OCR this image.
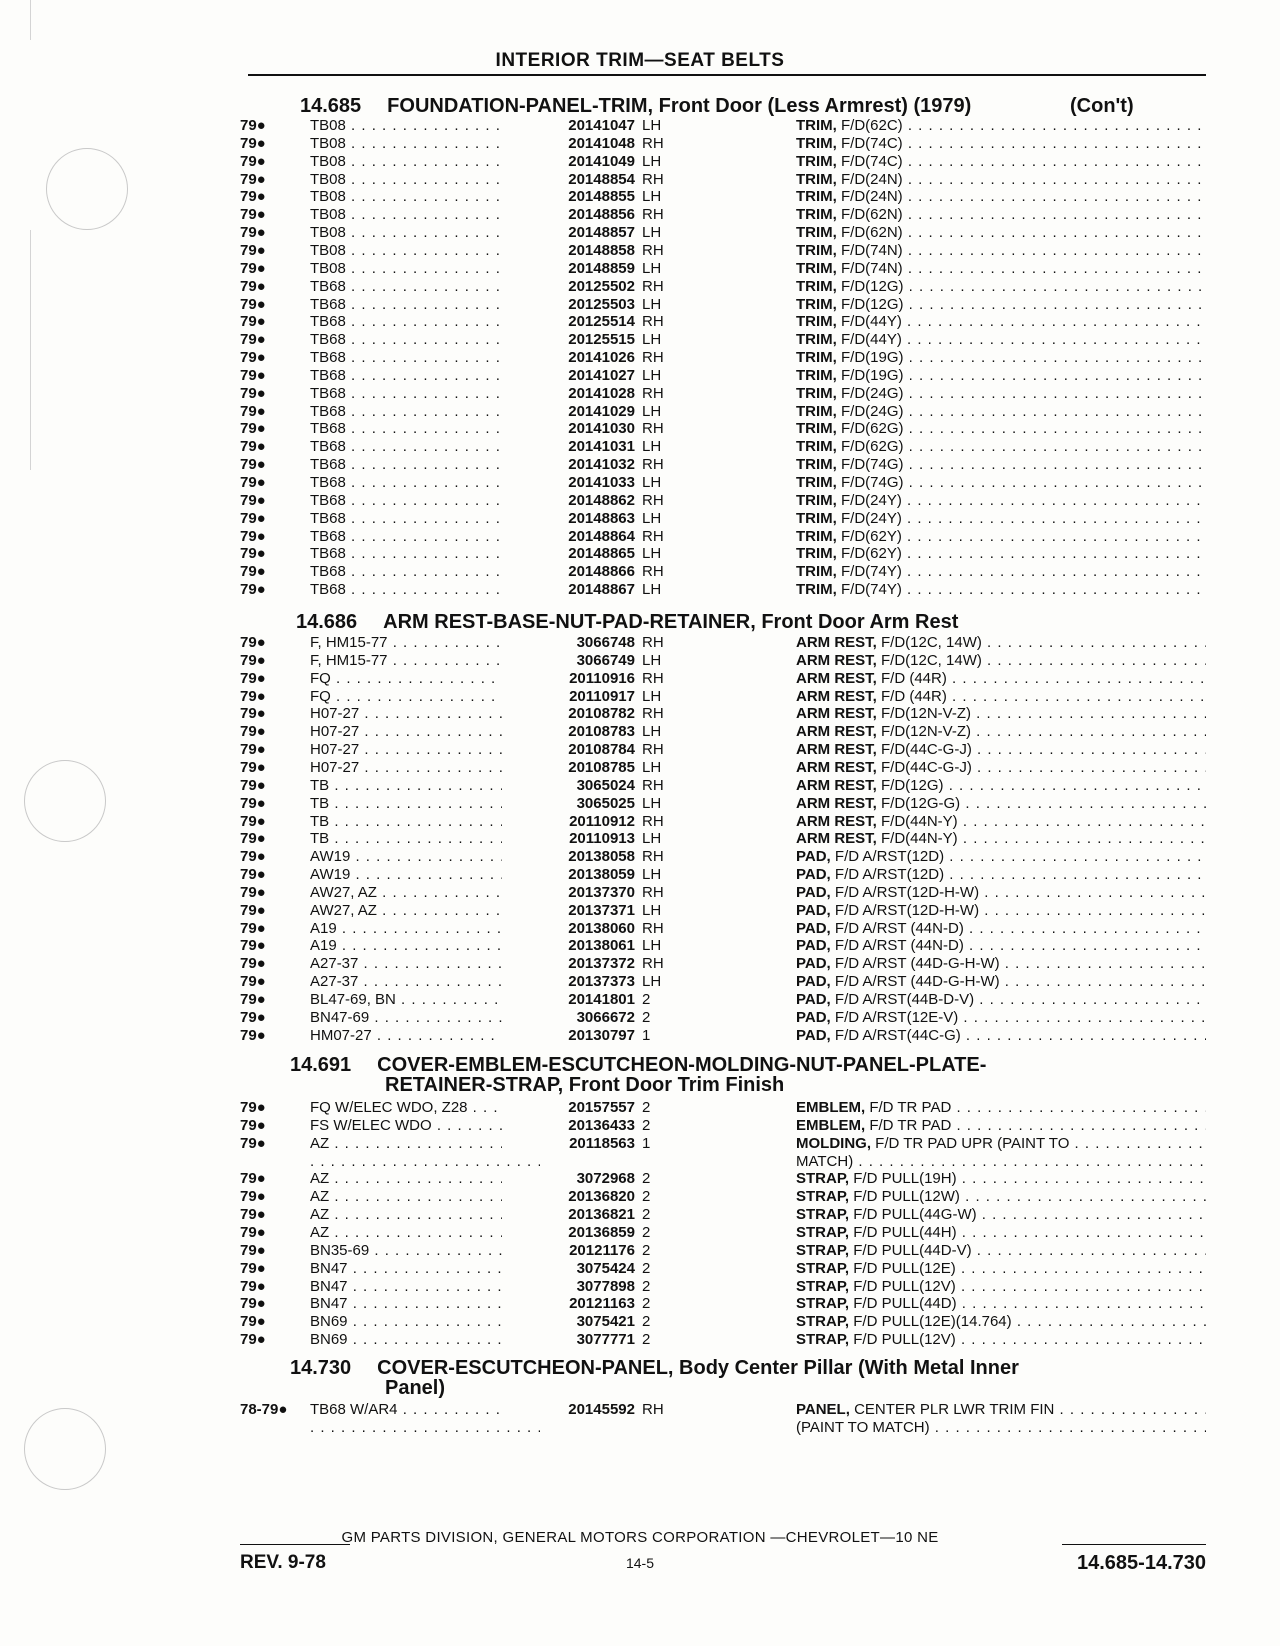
INTERIOR TRIM—SEAT BELTS
14.685 FOUNDATION-PANEL-TRIM, Front Door (Less Armrest) (1979)	(Con't)
79●	TB08 . . .	20141047 LH	TRIM, F/D(62C) . . .
79●	TB08 . . .	20141048 RH	TRIM, F/D(74C) . . .
79●	TB08 . . .	20141049 LH	TRIM, F/D(74C) . . .
79●	TB08 . . .	20148854 RH	TRIM, F/D(24N) . . .
79●	TB08 . . .	20148855 LH	TRIM, F/D(24N) . . .
79●	TB08 . . .	20148856 RH	TRIM, F/D(62N) . . .
79●	TB08 . . .	20148857 LH	TRIM, F/D(62N) . . .
79●	TB08 . . .	20148858 RH	TRIM, F/D(74N) . . .
79●	TB08 . . .	20148859 LH	TRIM, F/D(74N) . . .
79●	TB68 . . .	20125502 RH	TRIM, F/D(12G) . . .
79●	TB68 . . .	20125503 LH	TRIM, F/D(12G) . . .
79●	TB68 . . .	20125514 RH	TRIM, F/D(44Y) . . .
79●	TB68 . . .	20125515 LH	TRIM, F/D(44Y) . . .
79●	TB68 . . .	20141026 RH	TRIM, F/D(19G) . . .
79●	TB68 . . .	20141027 LH	TRIM, F/D(19G) . . .
79●	TB68 . . .	20141028 RH	TRIM, F/D(24G) . . .
79●	TB68 . . .	20141029 LH	TRIM, F/D(24G) . . .
79●	TB68 . . .	20141030 RH	TRIM, F/D(62G) . . .
79●	TB68 . . .	20141031 LH	TRIM, F/D(62G) . . .
79●	TB68 . . .	20141032 RH	TRIM, F/D(74G) . . .
79●	TB68 . . .	20141033 LH	TRIM, F/D(74G) . . .
79●	TB68 . . .	20148862 RH	TRIM, F/D(24Y) . . .
79●	TB68 . . .	20148863 LH	TRIM, F/D(24Y) . . .
79●	TB68 . . .	20148864 RH	TRIM, F/D(62Y) . . .
79●	TB68 . . .	20148865 LH	TRIM, F/D(62Y) . . .
79●	TB68 . . .	20148866 RH	TRIM, F/D(74Y) . . .
79●	TB68 . . .	20148867 LH	TRIM, F/D(74Y) . . .
14.686 ARM REST-BASE-NUT-PAD-RETAINER, Front Door Arm Rest
79●	F, HM15-77 . . .	3066748 RH	ARM REST, F/D(12C, 14W) . . .
79●	F, HM15-77 . . .	3066749 LH	ARM REST, F/D(12C, 14W) . . .
79●	FQ . . .	20110916 RH	ARM REST, F/D (44R) . . .
79●	FQ . . .	20110917 LH	ARM REST, F/D (44R) . . .
79●	H07-27 . . .	20108782 RH	ARM REST, F/D(12N-V-Z) . . .
79●	H07-27 . . .	20108783 LH	ARM REST, F/D(12N-V-Z) . . .
79●	H07-27 . . .	20108784 RH	ARM REST, F/D(44C-G-J) . . .
79●	H07-27 . . .	20108785 LH	ARM REST, F/D(44C-G-J) . . .
79●	TB . . .	3065024 RH	ARM REST, F/D(12G) . . .
79●	TB . . .	3065025 LH	ARM REST, F/D(12G-G) . . .
79●	TB . . .	20110912 RH	ARM REST, F/D(44N-Y) . . .
79●	TB . . .	20110913 LH	ARM REST, F/D(44N-Y) . . .
79●	AW19 . . .	20138058 RH	PAD, F/D A/RST(12D) . . .
79●	AW19 . . .	20138059 LH	PAD, F/D A/RST(12D) . . .
79●	AW27, AZ . . .	20137370 RH	PAD, F/D A/RST(12D-H-W) . . .
79●	AW27, AZ . . .	20137371 LH	PAD, F/D A/RST(12D-H-W) . . .
79●	A19 . . .	20138060 RH	PAD, F/D A/RST (44N-D) . . .
79●	A19 . . .	20138061 LH	PAD, F/D A/RST (44N-D) . . .
79●	A27-37 . . .	20137372 RH	PAD, F/D A/RST (44D-G-H-W) . . .
79●	A27-37 . . .	20137373 LH	PAD, F/D A/RST (44D-G-H-W) . . .
79●	BL47-69, BN . . .	20141801 2	PAD, F/D A/RST(44B-D-V) . . .
79●	BN47-69 . . .	3066672 2	PAD, F/D A/RST(12E-V) . . .
79●	HM07-27 . . .	20130797 1	PAD, F/D A/RST(44C-G) . . .
14.691 COVER-EMBLEM-ESCUTCHEON-MOLDING-NUT-PANEL-PLATE-
RETAINER-STRAP, Front Door Trim Finish
79●	FQ W/ELEC WDO, Z28 . . .	20157557 2	EMBLEM, F/D TR PAD . . .
79●	FS W/ELEC WDO . . .	20136433 2	EMBLEM, F/D TR PAD . . .
79●	AZ . . .	20118563 1	MOLDING, F/D TR PAD UPR (PAINT TO . . .
. . .
MATCH) . . .
79●	AZ . . .	3072968 2	STRAP, F/D PULL(19H) . . .
79●	AZ . . .	20136820 2	STRAP, F/D PULL(12W) . . .
79●	AZ . . .	20136821 2	STRAP, F/D PULL(44G-W) . . .
79●	AZ . . .	20136859 2	STRAP, F/D PULL(44H) . . .
79●	BN35-69 . . .	20121176 2	STRAP, F/D PULL(44D-V) . . .
79●	BN47 . . .	3075424 2	STRAP, F/D PULL(12E) . . .
79●	BN47 . . .	3077898 2	STRAP, F/D PULL(12V) . . .
79●	BN47 . . .	20121163 2	STRAP, F/D PULL(44D) . . .
79●	BN69 . . .	3075421 2	STRAP, F/D PULL(12E)(14.764) . . .
79●	BN69 . . .	3077771 2	STRAP, F/D PULL(12V) . . .
14.730 COVER-ESCUTCHEON-PANEL, Body Center Pillar (With Metal Inner
Panel)
78-79● TB68 W/AR4 . . .	20145592 RH	PANEL, CENTER PLR LWR TRIM FIN . . .
. . .
(PAINT TO MATCH) . . .
GM PARTS DIVISION, GENERAL MOTORS CORPORATION —CHEVROLET—10 NE
REV. 9-78	14-5	14.685-14.730
